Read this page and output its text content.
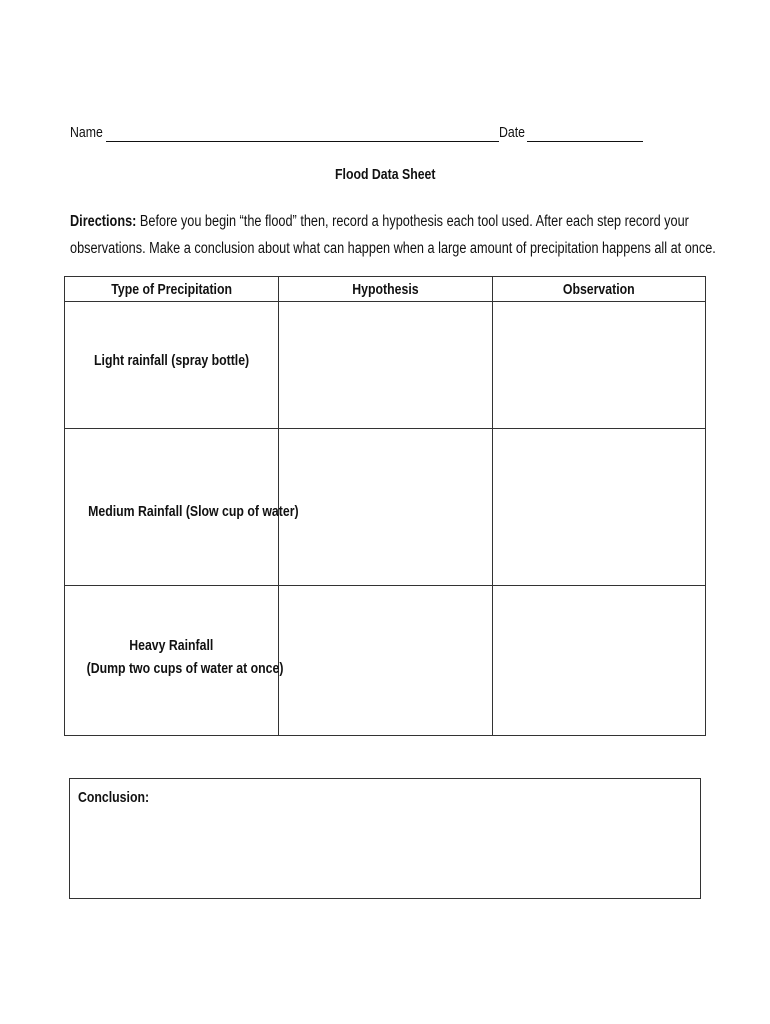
Name	Date
Flood Data Sheet
Directions: Before you begin “the flood” then, record a hypothesis each tool used. After each step record your
observations. Make a conclusion about what can happen when a large amount of precipitation happens all at once.
Type of Precipitation	Hypothesis	Observation
Light rainfall (spray bottle)
Medium Rainfall (Slow cup of water)
Heavy Rainfall
(Dump two cups of water at once)
Conclusion:
